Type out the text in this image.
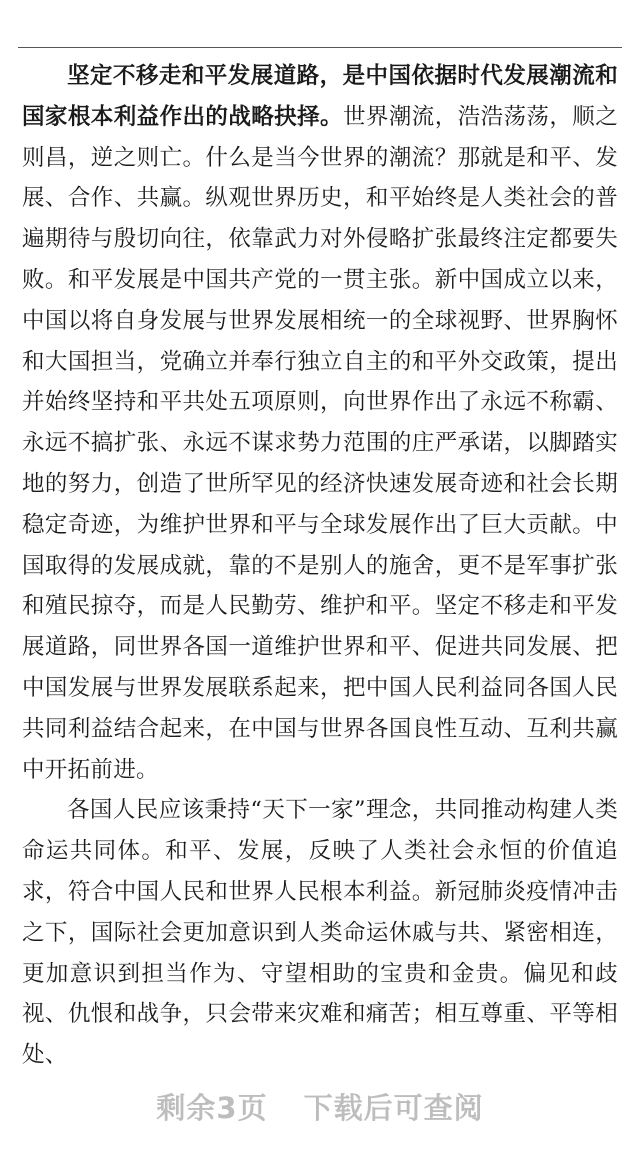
坚定不移走和平发展道路，是中国依据时代发展潮流和国家根本利益作出的战略抉择。世界潮流，浩浩荡荡，顺之则昌，逆之则亡。什么是当今世界的潮流？那就是和平、发展、合作、共赢。纵观世界历史，和平始终是人类社会的普遍期待与殷切向往，依靠武力对外侵略扩张最终注定都要失败。和平发展是中国共产党的一贯主张。新中国成立以来，中国以将自身发展与世界发展相统一的全球视野、世界胸怀和大国担当，党确立并奉行独立自主的和平外交政策，提出并始终坚持和平共处五项原则，向世界作出了永远不称霸、永远不搞扩张、永远不谋求势力范围的庄严承诺，以脚踏实地的努力，创造了世所罕见的经济快速发展奇迹和社会长期稳定奇迹，为维护世界和平与全球发展作出了巨大贡献。中国取得的发展成就，靠的不是别人的施舍，更不是军事扩张和殖民掠夺，而是人民勤劳、维护和平。坚定不移走和平发展道路，同世界各国一道维护世界和平、促进共同发展、把中国发展与世界发展联系起来，把中国人民利益同各国人民共同利益结合起来，在中国与世界各国良性互动、互利共赢中开拓前进。

各国人民应该秉持“天下一家”理念，共同推动构建人类命运共同体。和平、发展，反映了人类社会永恒的价值追求，符合中国人民和世界人民根本利益。新冠肺炎疫情冲击之下，国际社会更加意识到人类命运休戚与共、紧密相连，更加意识到担当作为、守望相助的宝贵和金贵。偏见和歧视、仇恨和战争，只会带来灾难和痛苦；相互尊重、平等相处、

剩余3页 下载后可查阅
